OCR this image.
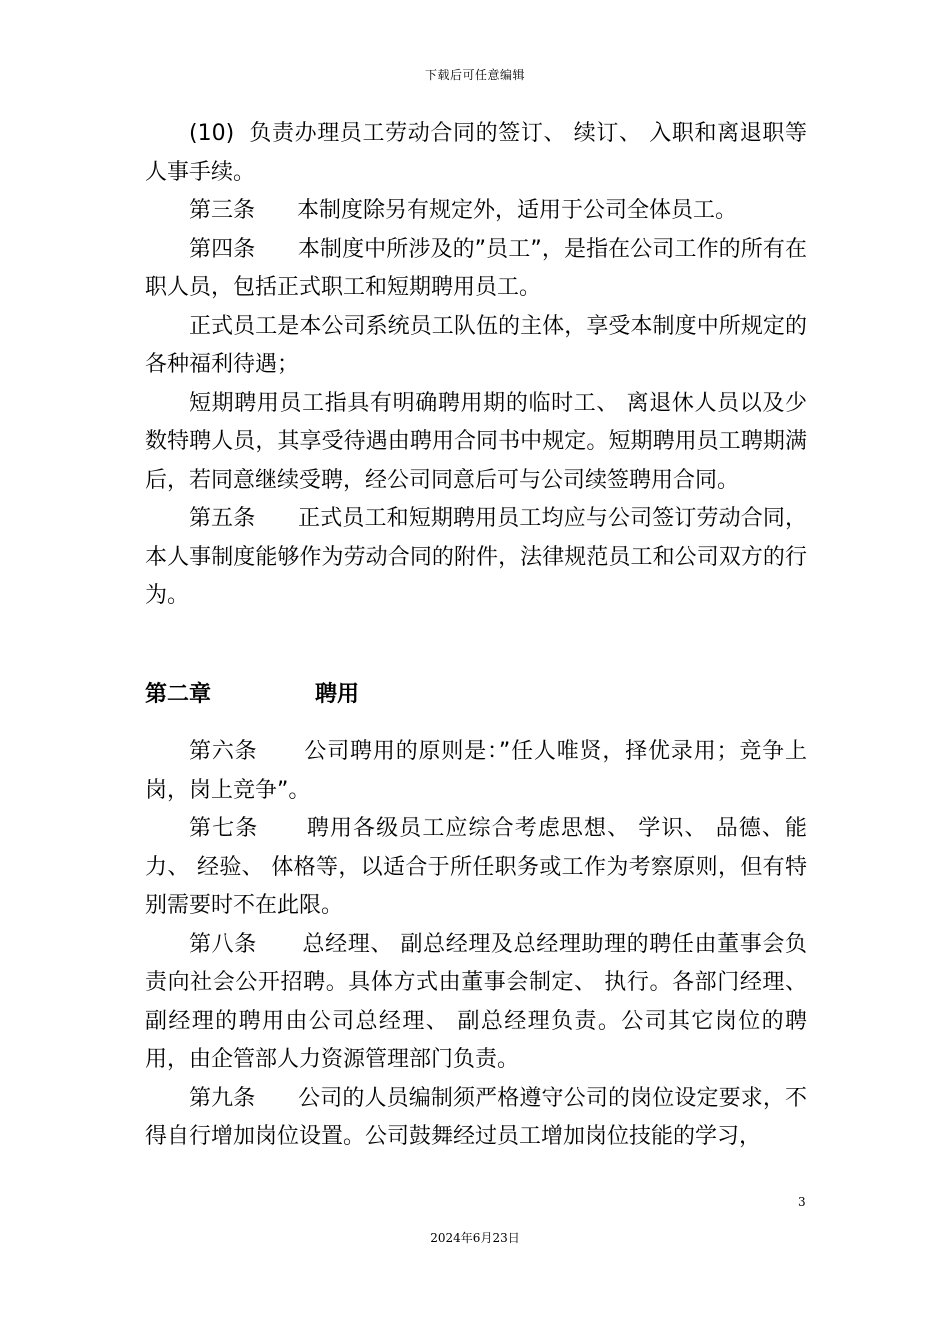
下载后可任意编辑

(10)  负责办理员工劳动合同的签订、 续订、 入职和离退职等人事手续。

第三条      本制度除另有规定外，适用于公司全体员工。

第四条      本制度中所涉及的”员工”，是指在公司工作的所有在职人员，包括正式职工和短期聘用员工。

正式员工是本公司系统员工队伍的主体，享受本制度中所规定的各种福利待遇；

短期聘用员工指具有明确聘用期的临时工、 离退休人员以及少数特聘人员，其享受待遇由聘用合同书中规定。短期聘用员工聘期满后，若同意继续受聘，经公司同意后可与公司续签聘用合同。

第五条      正式员工和短期聘用员工均应与公司签订劳动合同，本人事制度能够作为劳动合同的附件，法律规范员工和公司双方的行为。

第二章	聘用

第六条      公司聘用的原则是：”任人唯贤，择优录用；竞争上岗，岗上竞争”。

第七条      聘用各级员工应综合考虑思想、 学识、 品德、能力、 经验、 体格等，以适合于所任职务或工作为考察原则，但有特别需要时不在此限。

第八条      总经理、 副总经理及总经理助理的聘任由董事会负责向社会公开招聘。具体方式由董事会制定、 执行。各部门经理、 副经理的聘用由公司总经理、 副总经理负责。公司其它岗位的聘用，由企管部人力资源管理部门负责。

第九条      公司的人员编制须严格遵守公司的岗位设定要求，不得自行增加岗位设置。公司鼓舞经过员工增加岗位技能的学习，

3
2024年6月23日
